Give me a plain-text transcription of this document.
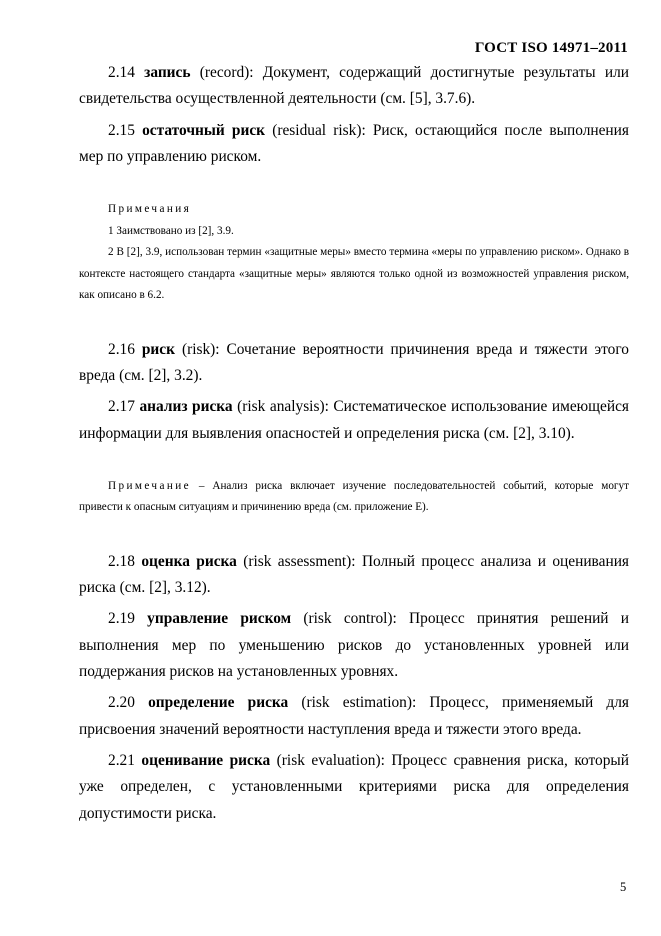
ГОСТ ISO 14971–2011

2.14 запись (record): Документ, содержащий достигнутые результаты или свидетельства осуществленной деятельности (см. [5], 3.7.6).

2.15 остаточный риск (residual risk): Риск, остающийся после выполнения мер по управлению риском.

Примечания

1 Заимствовано из [2], 3.9.

2 В [2], 3.9, использован термин «защитные меры» вместо термина «меры по управлению риском». Однако в контексте настоящего стандарта «защитные меры» являются только одной из возможностей управления риском, как описано в 6.2.

2.16 риск (risk): Сочетание вероятности причинения вреда и тяжести этого вреда (см. [2], 3.2).

2.17 анализ риска (risk analysis): Систематическое использование имеющейся информации для выявления опасностей и определения риска (см. [2], 3.10).

Примечание – Анализ риска включает изучение последовательностей событий, которые могут привести к опасным ситуациям и причинению вреда (см. приложение Е).

2.18 оценка риска (risk assessment): Полный процесс анализа и оценивания риска (см. [2], 3.12).

2.19 управление риском (risk control): Процесс принятия решений и выполнения мер по уменьшению рисков до установленных уровней или поддержания рисков на установленных уровнях.

2.20 определение риска (risk estimation): Процесс, применяемый для присвоения значений вероятности наступления вреда и тяжести этого вреда.

2.21 оценивание риска (risk evaluation): Процесс сравнения риска, который уже определен, с установленными критериями риска для определения допустимости риска.

5
